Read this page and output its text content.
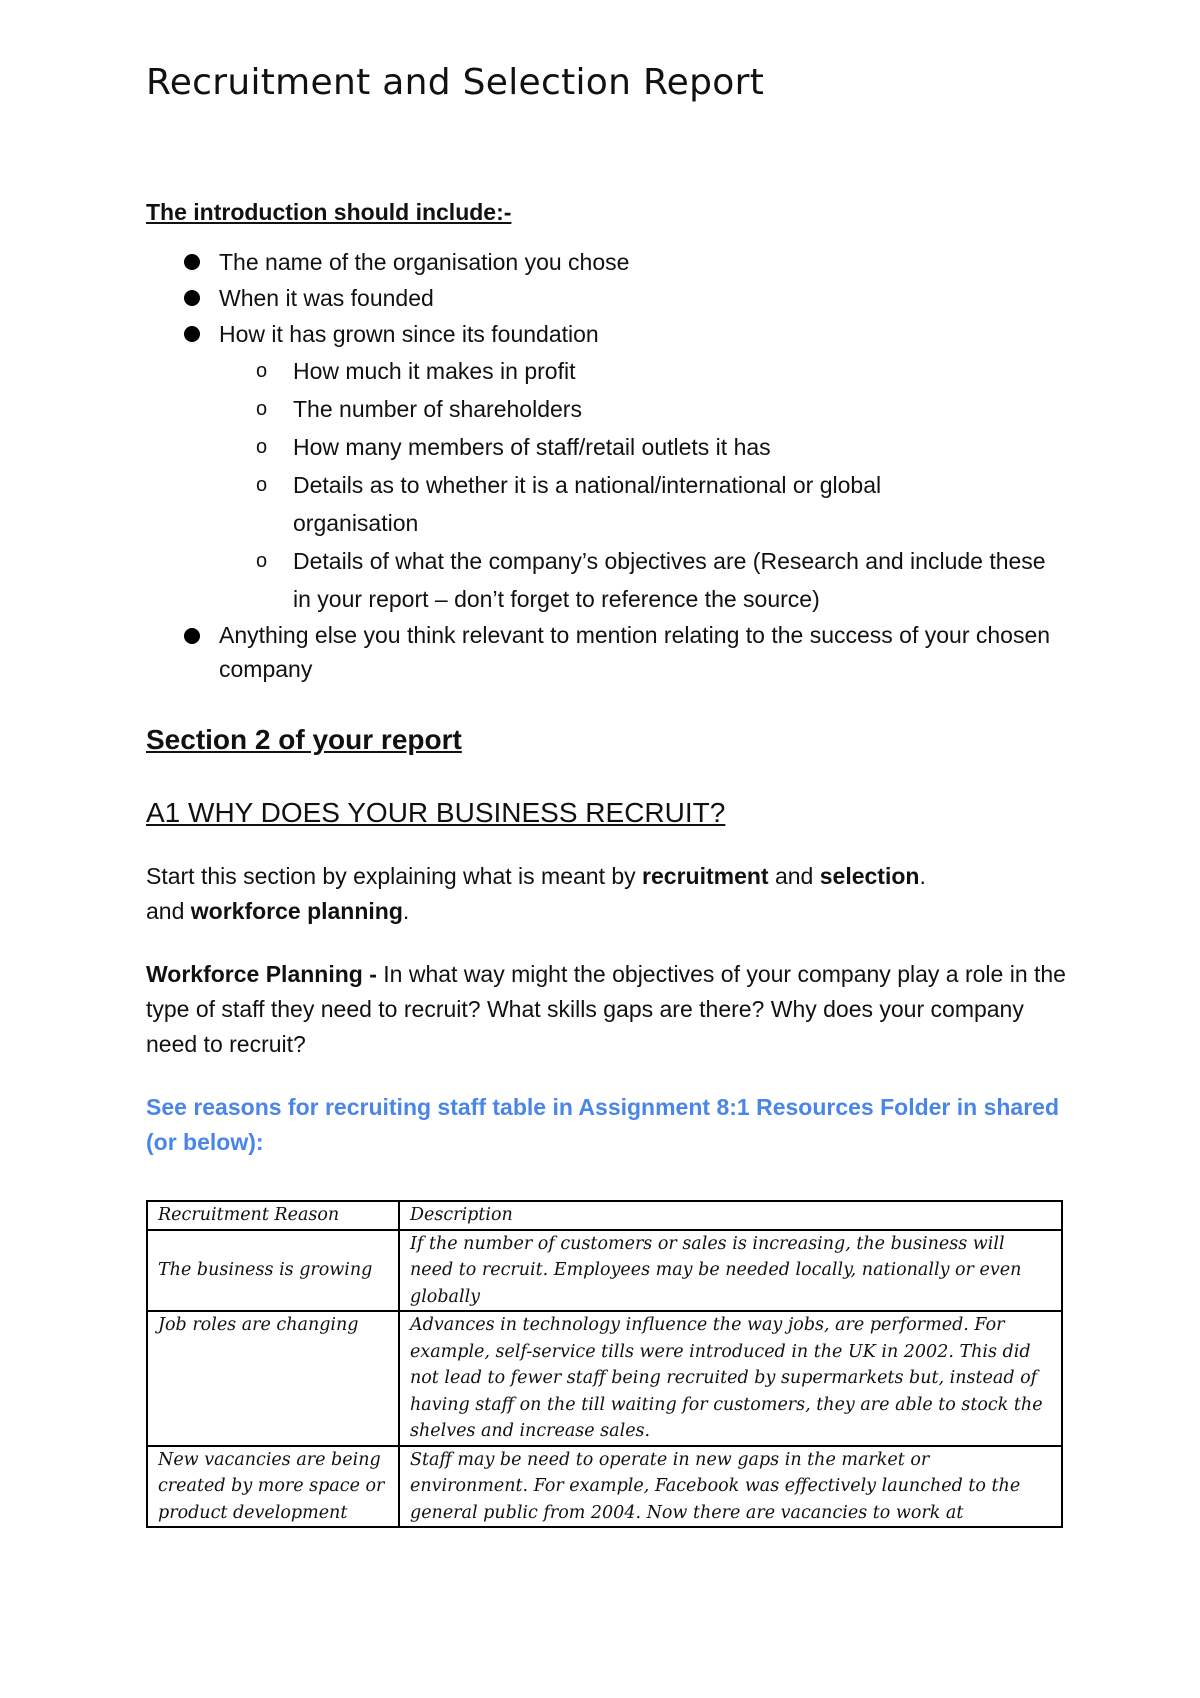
Recruitment and Selection Report
The introduction should include:-
The name of the organisation you chose
When it was founded
How it has grown since its foundation
o	How much it makes in profit
o	The number of shareholders
o	How many members of staff/retail outlets it has
o	Details as to whether it is a national/international or global organisation
o	Details of what the company’s objectives are (Research and include these in your report – don’t forget to reference the source)
Anything else you think relevant to mention relating to the success of your chosen company
Section 2 of your report
A1 WHY DOES YOUR BUSINESS RECRUIT?
Start this section by explaining what is meant by recruitment and selection.
and workforce planning.
Workforce Planning - In what way might the objectives of your company play a role in the type of staff they need to recruit? What skills gaps are there? Why does your company need to recruit?
See reasons for recruiting staff table in Assignment 8:1 Resources Folder in shared (or below):
Recruitment Reason	Description
The business is growing	If the number of customers or sales is increasing, the business will need to recruit. Employees may be needed locally, nationally or even globally
Job roles are changing	Advances in technology influence the way jobs, are performed. For example, self-service tills were introduced in the UK in 2002. This did not lead to fewer staff being recruited by supermarkets but, instead of having staff on the till waiting for customers, they are able to stock the shelves and increase sales.

New vacancies are being created by more space or product development	Staff may be need to operate in new gaps in the market or environment. For example, Facebook was effectively launched to the general public from 2004. Now there are vacancies to work at
